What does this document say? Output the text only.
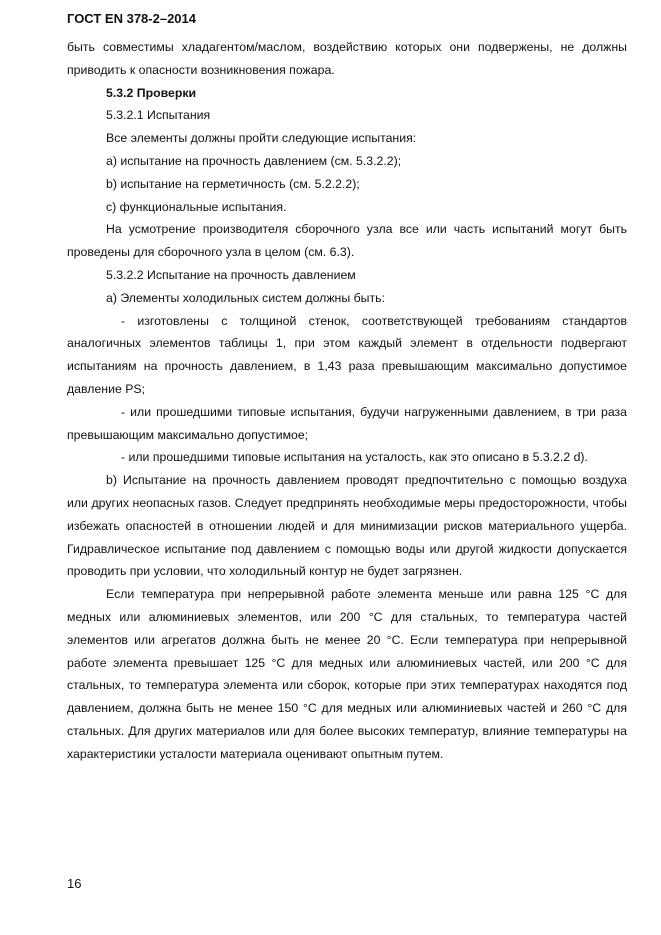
ГОСТ EN 378-2–2014

быть совместимы хладагентом/маслом, воздействию которых они подвержены, не должны приводить к опасности возникновения пожара.

5.3.2 Проверки

5.3.2.1 Испытания

Все элементы должны пройти следующие испытания:

a) испытание на прочность давлением (см. 5.3.2.2);

b) испытание на герметичность (см. 5.2.2.2);

c) функциональные испытания.

На усмотрение производителя сборочного узла все или часть испытаний могут быть проведены для сборочного узла в целом (см. 6.3).

5.3.2.2 Испытание на прочность давлением

a) Элементы холодильных систем должны быть:

- изготовлены с толщиной стенок, соответствующей требованиям стандартов аналогичных элементов таблицы 1, при этом каждый элемент в отдельности подвергают испытаниям на прочность давлением, в 1,43 раза превышающим максимально допустимое давление PS;

- или прошедшими типовые испытания, будучи нагруженными давлением, в три раза превышающим максимально допустимое;

- или прошедшими типовые испытания на усталость, как это описано в 5.3.2.2 d).

b) Испытание на прочность давлением проводят предпочтительно с помощью воздуха или других неопасных газов. Следует предпринять необходимые меры предосторожности, чтобы избежать опасностей в отношении людей и для минимизации рисков материального ущерба. Гидравлическое испытание под давлением с помощью воды или другой жидкости допускается проводить при условии, что холодильный контур не будет загрязнен.

Если температура при непрерывной работе элемента меньше или равна 125 °С для медных или алюминиевых элементов, или 200 °С для стальных, то температура частей элементов или агрегатов должна быть не менее 20 °С. Если температура при непрерывной работе элемента превышает 125 °С для медных или алюминиевых частей, или 200 °С для стальных, то температура элемента или сборок, которые при этих температурах находятся под давлением, должна быть не менее 150 °С для медных или алюминиевых частей и 260 °С для стальных. Для других материалов или для более высоких температур, влияние температуры на характеристики усталости материала оценивают опытным путем.

16
